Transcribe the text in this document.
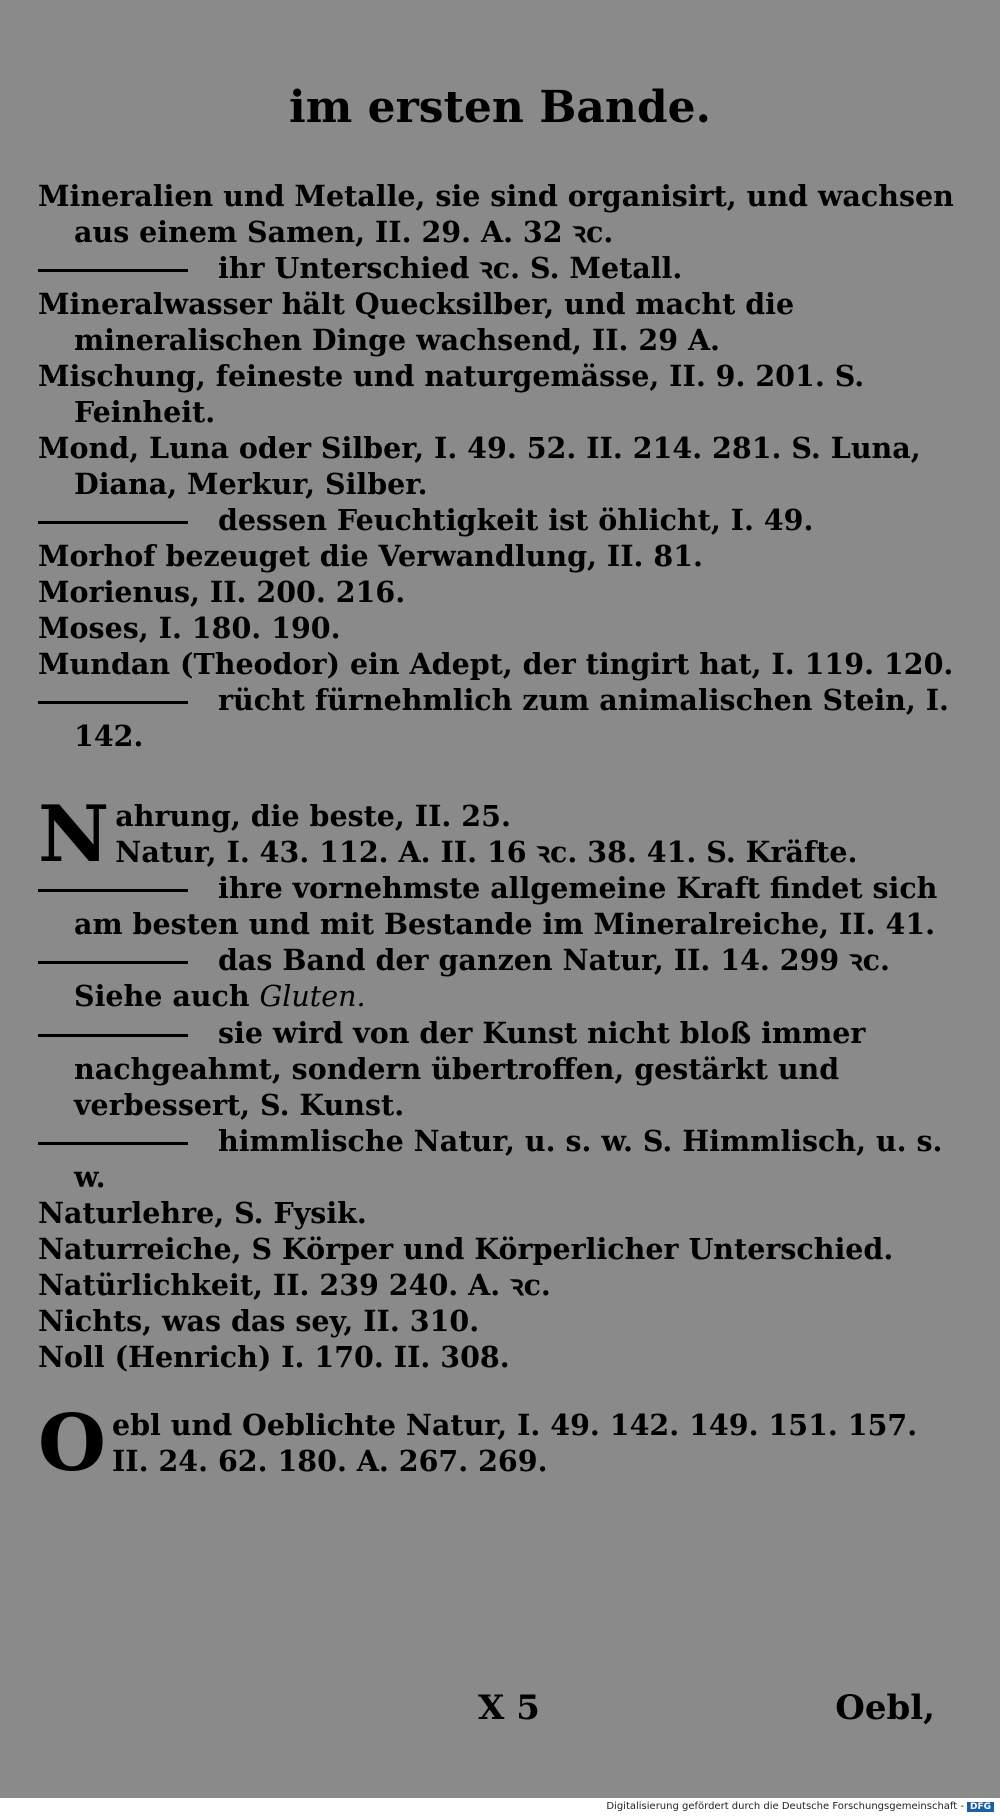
im ersten Bande.

Mineralien und Metalle, sie sind organisirt, und wachsen aus einem Samen, II. 29. A. 32 ꝛc.

ihr Unterschied ꝛc. S. Metall.

Mineralwasser hält Quecksilber, und macht die mineralischen Dinge wachsend, II. 29 A.

Mischung, feineste und naturgemässe, II. 9. 201. S. Feinheit.

Mond, Luna oder Silber, I. 49. 52. II. 214. 281. S. Luna, Diana, Merkur, Silber.

dessen Feuchtigkeit ist öhlicht, I. 49.

Morhof bezeuget die Verwandlung, II. 81.

Morienus, II. 200. 216.

Moses, I. 180. 190.

Mundan (Theodor) ein Adept, der tingirt hat, I. 119. 120.

rücht fürnehmlich zum animalischen Stein, I. 142.

N ahrung, die beste, II. 25.
Natur, I. 43. 112. A. II. 16 ꝛc. 38. 41. S. Kräfte.

ihre vornehmste allgemeine Kraft findet sich am besten und mit Bestande im Mineralreiche, II. 41.

das Band der ganzen Natur, II. 14. 299 ꝛc. Siehe auch Gluten.

sie wird von der Kunst nicht bloß immer nachgeahmt, sondern übertroffen, gestärkt und verbessert, S. Kunst.

himmlische Natur, u. s. w. S. Himmlisch, u. s. w.

Naturlehre, S. Fysik.

Naturreiche, S Körper und Körperlicher Unterschied.

Natürlichkeit, II. 239 240. A. ꝛc.

Nichts, was das sey, II. 310.

Noll (Henrich) I. 170. II. 308.

O ebl und Oeblichte Natur, I. 49. 142. 149. 151. 157. II. 24. 62. 180. A. 267. 269.
X 5	Oebl,
Digitalisierung gefördert durch die Deutsche Forschungsgemeinschaft - DFG
